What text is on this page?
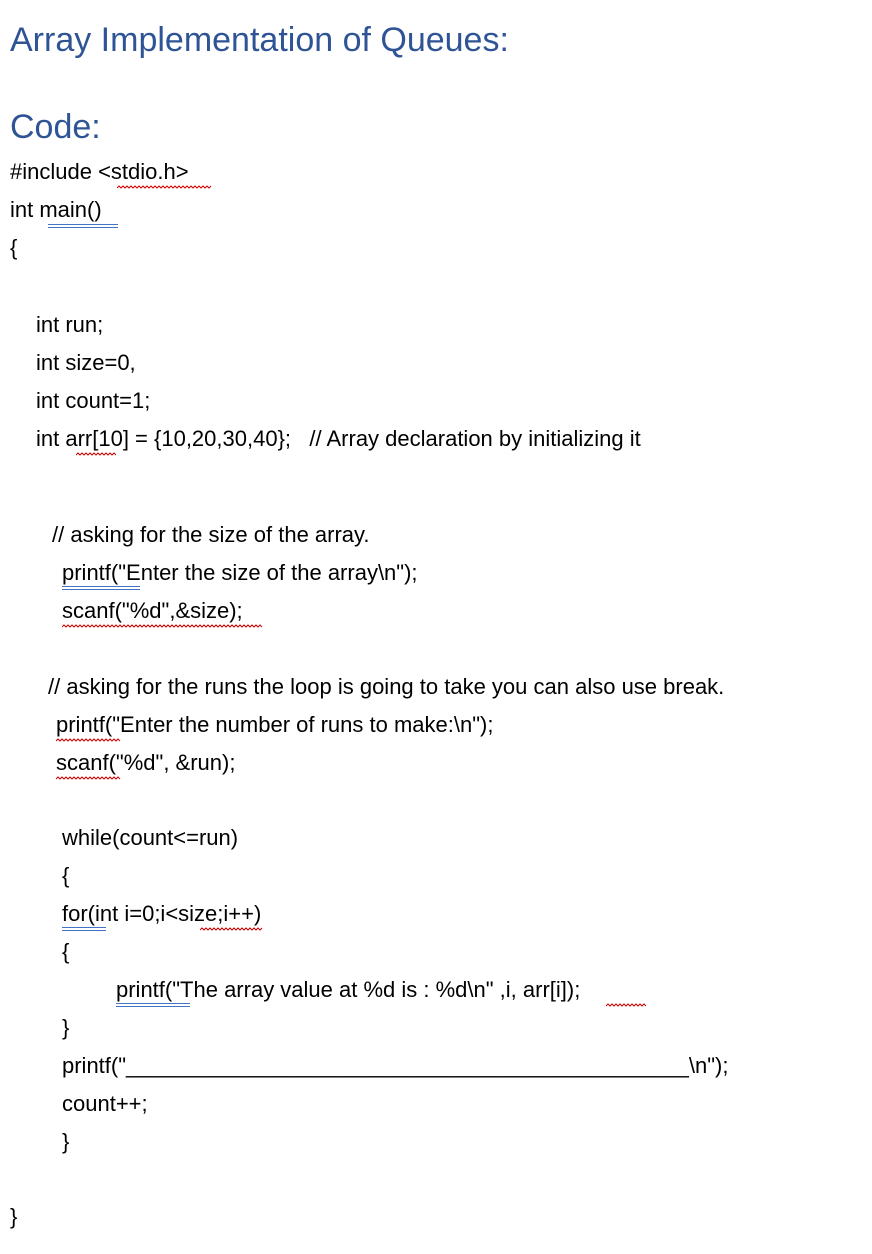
Array Implementation of Queues:
Code:
#include <stdio.h>
int main()
{
int run;
int size=0,
int count=1;
int arr[10] = {10,20,30,40};   // Array declaration by initializing it
// asking for the size of the array.
printf("Enter the size of the array\n");
scanf("%d",&size);
// asking for the runs the loop is going to take you can also use break.
printf("Enter the number of runs to make:\n");
scanf("%d", &run);
while(count<=run)
{
for(int i=0;i<size;i++)
{
printf("The array value at %d is : %d\n" ,i, arr[i]);
}
printf("______________________________________________\n");
count++;
}
}
